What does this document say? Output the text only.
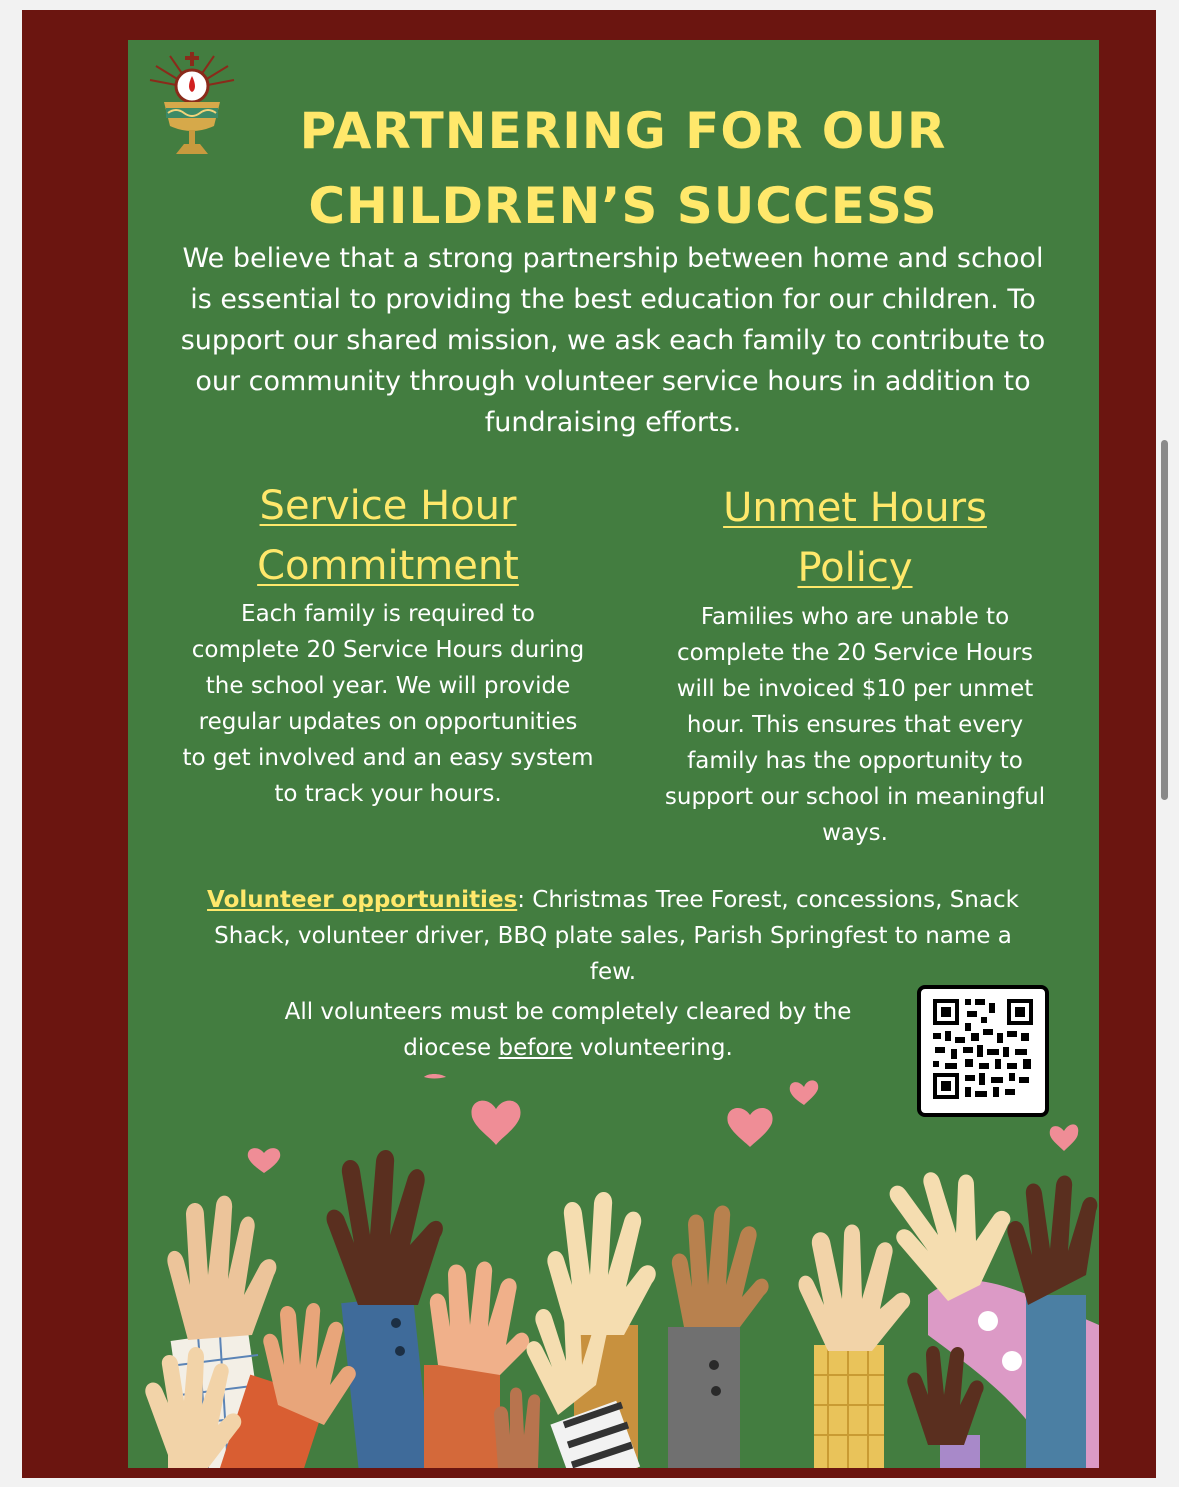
PARTNERING FOR OUR
CHILDREN’S SUCCESS
We believe that a strong partnership between home and school
is essential to providing the best education for our children. To
support our shared mission, we ask each family to contribute to
our community through volunteer service hours in addition to
fundraising efforts.
Service Hour
Commitment
Each family is required to
complete 20 Service Hours during
the school year. We will provide
regular updates on opportunities
to get involved and an easy system
to track your hours.
Unmet Hours
Policy
Families who are unable to
complete the 20 Service Hours
will be invoiced $10 per unmet
hour. This ensures that every
family has the opportunity to
support our school in meaningful
ways.
Volunteer opportunities: Christmas Tree Forest, concessions, Snack
Shack, volunteer driver, BBQ plate sales, Parish Springfest to name a
few.
All volunteers must be completely cleared by the
diocese before volunteering.
